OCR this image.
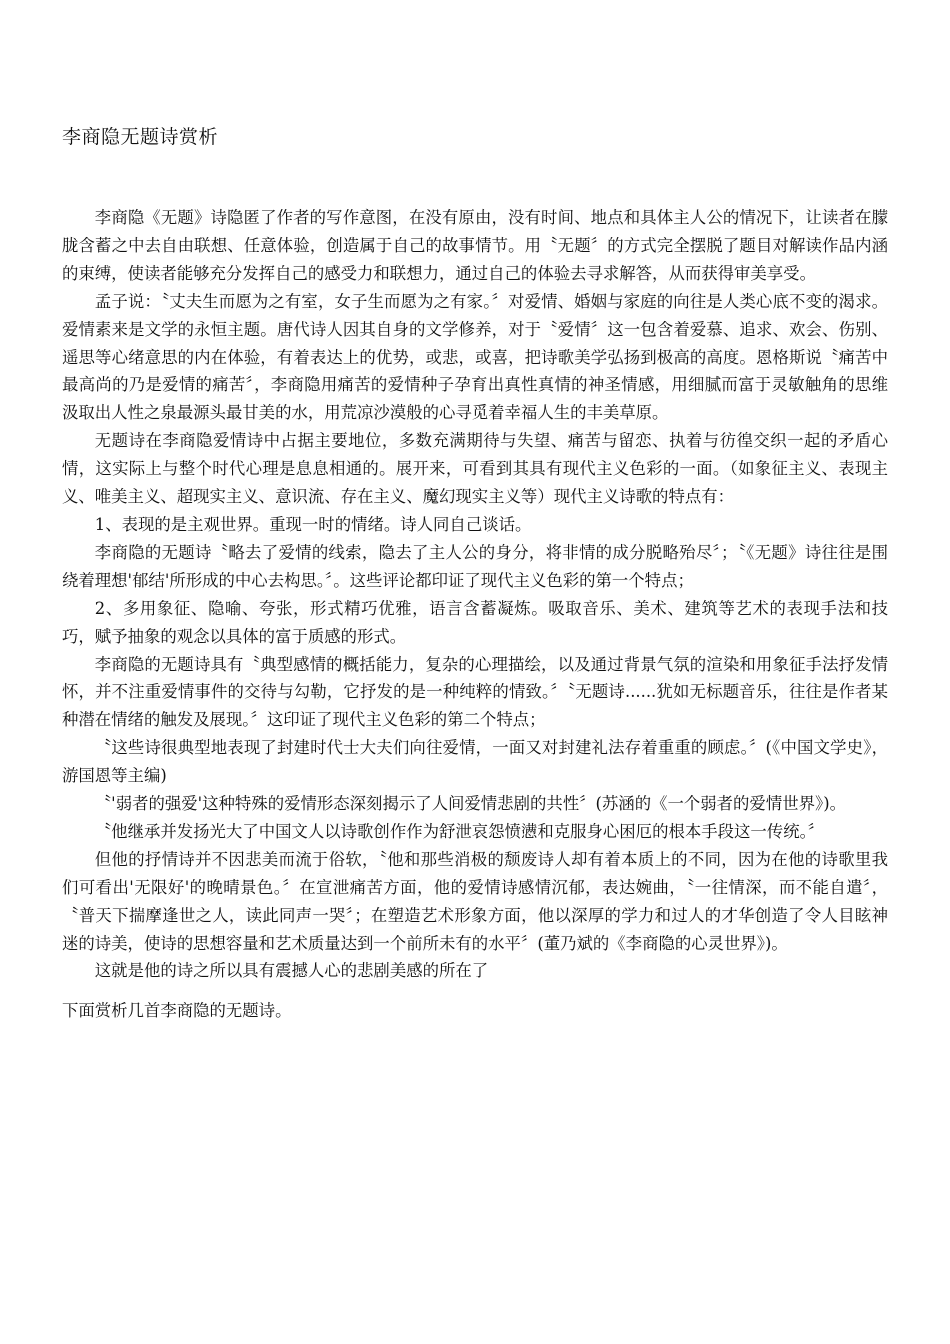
李商隐无题诗赏析

李商隐《无题》诗隐匿了作者的写作意图，在没有原由，没有时间、地点和具体主人公的情况下，让读者在朦胧含蓄之中去自由联想、任意体验，创造属于自己的故事情节。用〝无题〞的方式完全摆脱了题目对解读作品内涵的束缚，使读者能够充分发挥自己的感受力和联想力，通过自己的体验去寻求解答，从而获得审美享受。

孟子说：〝丈夫生而愿为之有室，女子生而愿为之有家。〞对爱情、婚姻与家庭的向往是人类心底不变的渴求。爱情素来是文学的永恒主题。唐代诗人因其自身的文学修养，对于〝爱情〞这一包含着爱慕、追求、欢会、伤别、遥思等心绪意思的内在体验，有着表达上的优势，或悲，或喜，把诗歌美学弘扬到极高的高度。恩格斯说〝痛苦中最高尚的乃是爱情的痛苦〞，李商隐用痛苦的爱情种子孕育出真性真情的神圣情感，用细腻而富于灵敏触角的思维汲取出人性之泉最源头最甘美的水，用荒凉沙漠般的心寻觅着幸福人生的丰美草原。

无题诗在李商隐爱情诗中占据主要地位，多数充满期待与失望、痛苦与留恋、执着与彷徨交织一起的矛盾心情，这实际上与整个时代心理是息息相通的。展开来，可看到其具有现代主义色彩的一面。（如象征主义、表现主义、唯美主义、超现实主义、意识流、存在主义、魔幻现实主义等）现代主义诗歌的特点有：

1、表现的是主观世界。重现一时的情绪。诗人同自己谈话。

李商隐的无题诗〝略去了爱情的线索，隐去了主人公的身分，将非情的成分脱略殆尽〞；〝《无题》诗往往是围绕着理想'郁结'所形成的中心去构思。〞。这些评论都印证了现代主义色彩的第一个特点；

2、多用象征、隐喻、夸张，形式精巧优雅，语言含蓄凝炼。吸取音乐、美术、建筑等艺术的表现手法和技巧，赋予抽象的观念以具体的富于质感的形式。

李商隐的无题诗具有〝典型感情的概括能力，复杂的心理描绘，以及通过背景气氛的渲染和用象征手法抒发情怀，并不注重爱情事件的交待与勾勒，它抒发的是一种纯粹的情致。〞〝无题诗......犹如无标题音乐，往往是作者某种潜在情绪的触发及展现。〞这印证了现代主义色彩的第二个特点；

〝这些诗很典型地表现了封建时代士大夫们向往爱情，一面又对封建礼法存着重重的顾虑。〞(《中国文学史》，游国恩等主编)

〝'弱者的强爱'这种特殊的爱情形态深刻揭示了人间爱情悲剧的共性〞(苏涵的《一个弱者的爱情世界》)。

〝他继承并发扬光大了中国文人以诗歌创作作为舒泄哀怨愤懑和克服身心困厄的根本手段这一传统。〞

但他的抒情诗并不因悲美而流于俗软，〝他和那些消极的颓废诗人却有着本质上的不同，因为在他的诗歌里我们可看出'无限好'的晚晴景色。〞在宣泄痛苦方面，他的爱情诗感情沉郁，表达婉曲，〝一往情深，而不能自遣〞，〝普天下揣摩逢世之人，读此同声一哭〞；在塑造艺术形象方面，他以深厚的学力和过人的才华创造了令人目眩神迷的诗美，使诗的思想容量和艺术质量达到一个前所未有的水平〞(董乃斌的《李商隐的心灵世界》)。

这就是他的诗之所以具有震撼人心的悲剧美感的所在了

下面赏析几首李商隐的无题诗。
